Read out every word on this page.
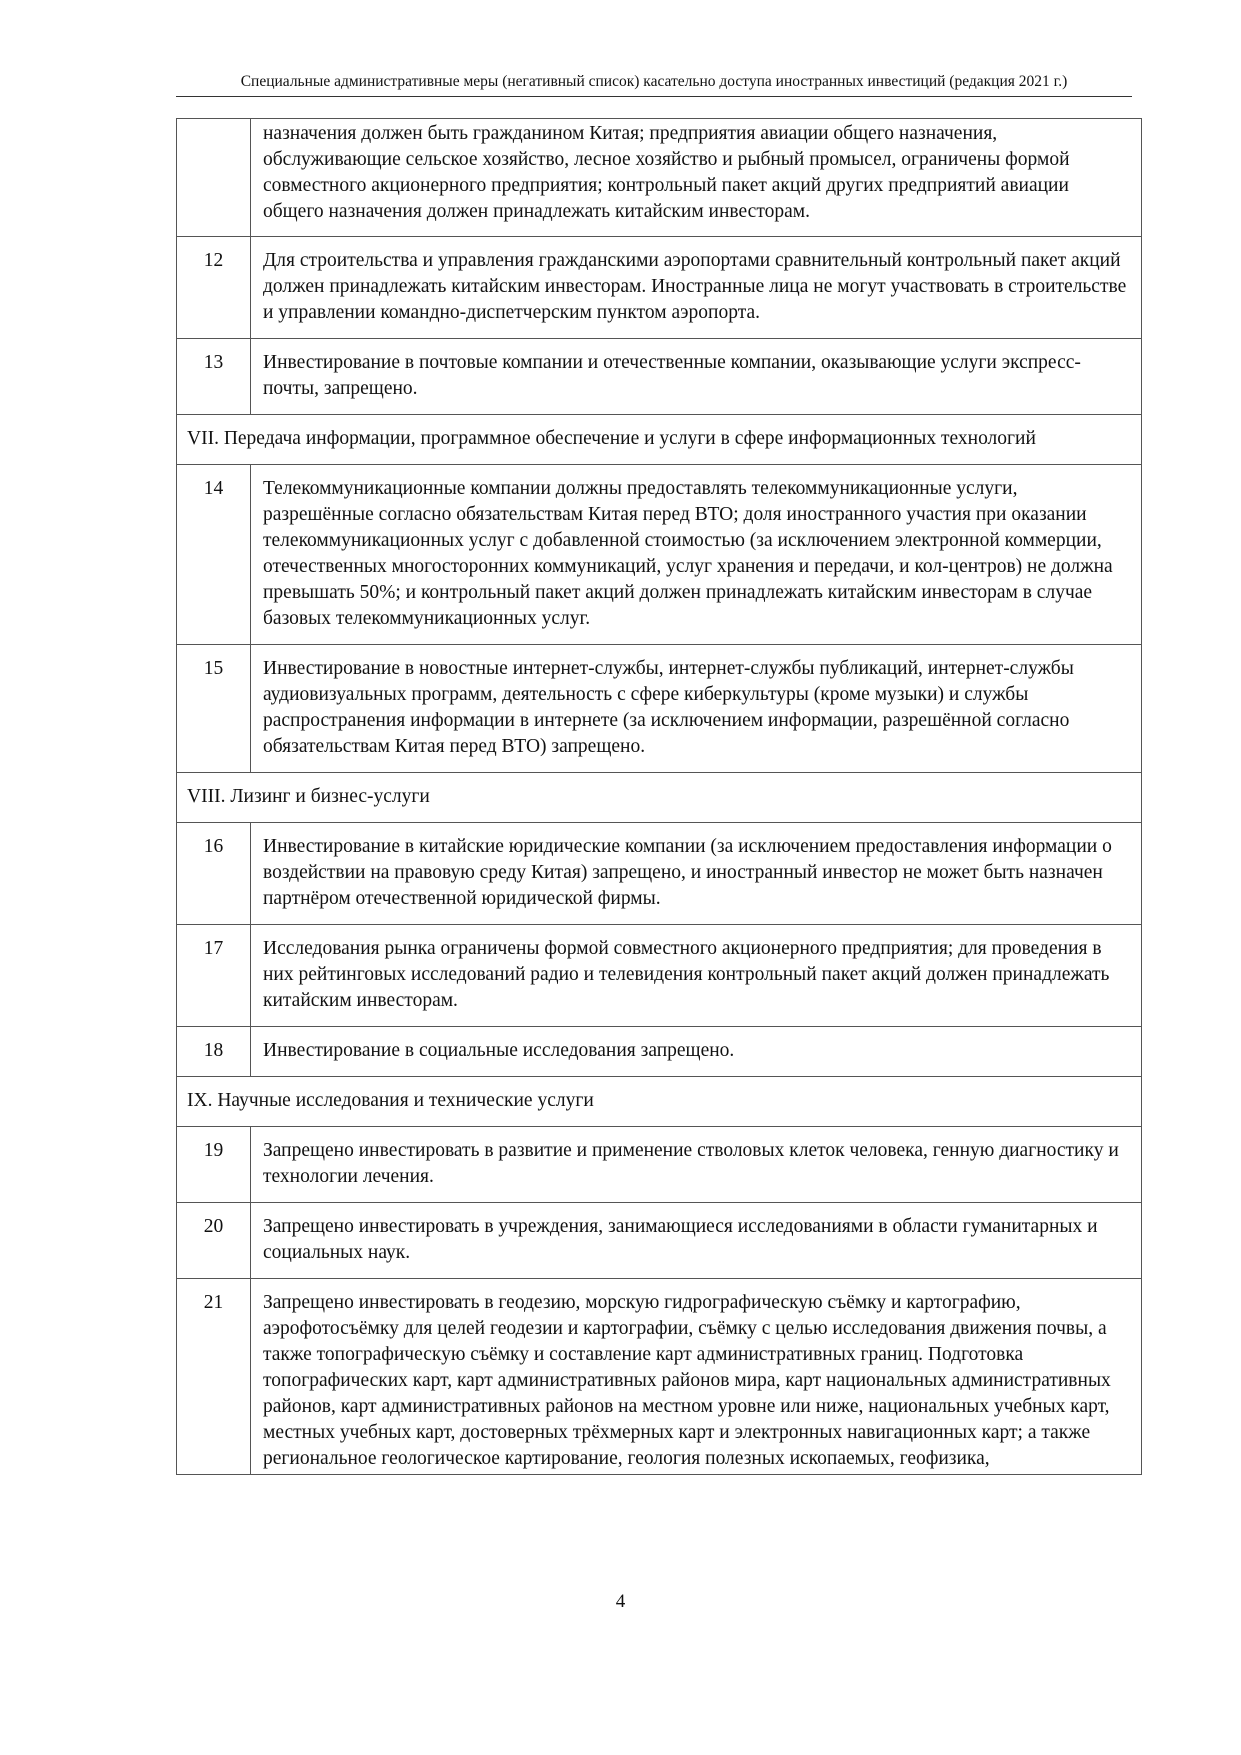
Специальные административные меры (негативный список) касательно доступа иностранных инвестиций (редакция 2021 г.)
	назначения должен быть гражданином Китая; предприятия авиации общего назначения, обслуживающие сельское хозяйство, лесное хозяйство и рыбный промысел, ограничены формой совместного акционерного предприятия; контрольный пакет акций других предприятий авиации общего назначения должен принадлежать китайским инвесторам.
12	Для строительства и управления гражданскими аэропортами сравнительный контрольный пакет акций должен принадлежать китайским инвесторам. Иностранные лица не могут участвовать в строительстве и управлении командно-диспетчерским пунктом аэропорта.
13	Инвестирование в почтовые компании и отечественные компании, оказывающие услуги экспресс-почты, запрещено.
VII. Передача информации, программное обеспечение и услуги в сфере информационных технологий	
14	Телекоммуникационные компании должны предоставлять телекоммуникационные услуги, разрешённые согласно обязательствам Китая перед ВТО; доля иностранного участия при оказании телекоммуникационных услуг с добавленной стоимостью (за исключением электронной коммерции, отечественных многосторонних коммуникаций, услуг хранения и передачи, и кол-центров) не должна превышать 50%; и контрольный пакет акций должен принадлежать китайским инвесторам в случае базовых телекоммуникационных услуг.
15	Инвестирование в новостные интернет-службы, интернет-службы публикаций, интернет-службы аудиовизуальных программ, деятельность с сфере киберкультуры (кроме музыки) и службы распространения информации в интернете (за исключением информации, разрешённой согласно обязательствам Китая перед ВТО) запрещено.
VIII. Лизинг и бизнес-услуги	
16	Инвестирование в китайские юридические компании (за исключением предоставления информации о воздействии на правовую среду Китая) запрещено, и иностранный инвестор не может быть назначен партнёром отечественной юридической фирмы.
17	Исследования рынка ограничены формой совместного акционерного предприятия; для проведения в них рейтинговых исследований радио и телевидения контрольный пакет акций должен принадлежать китайским инвесторам.
18	Инвестирование в социальные исследования запрещено.
IX. Научные исследования и технические услуги	
19	Запрещено инвестировать в развитие и применение стволовых клеток человека, генную диагностику и технологии лечения.
20	Запрещено инвестировать в учреждения, занимающиеся исследованиями в области гуманитарных и социальных наук.
21	Запрещено инвестировать в геодезию, морскую гидрографическую съёмку и картографию, аэрофотосъёмку для целей геодезии и картографии, съёмку с целью исследования движения почвы, а также топографическую съёмку и составление карт административных границ. Подготовка топографических карт, карт административных районов мира, карт национальных административных районов, карт административных районов на местном уровне или ниже, национальных учебных карт, местных учебных карт, достоверных трёхмерных карт и электронных навигационных карт; а также региональное геологическое картирование, геология полезных ископаемых, геофизика,
4
